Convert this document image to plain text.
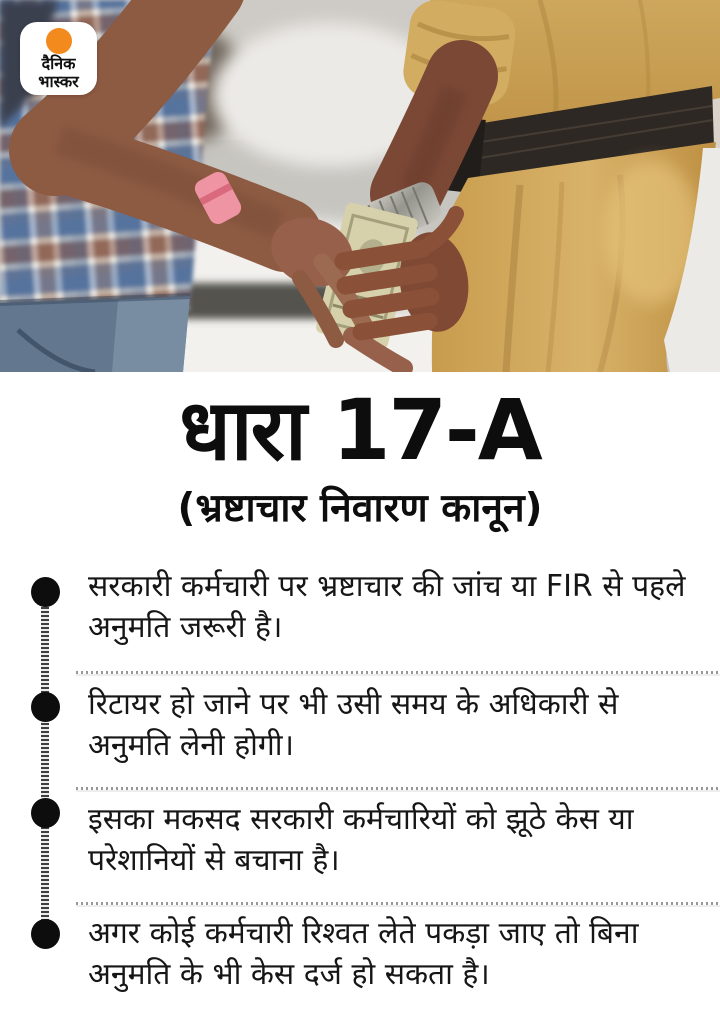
दैनिक
भास्कर
धारा 17-A
(भ्रष्टाचार निवारण कानून)

सरकारी कर्मचारी पर भ्रष्टाचार की जांच या FIR से पहले अनुमति जरूरी है।

रिटायर हो जाने पर भी उसी समय के अधिकारी से अनुमति लेनी होगी।

इसका मकसद सरकारी कर्मचारियों को झूठे केस या परेशानियों से बचाना है।

अगर कोई कर्मचारी रिश्वत लेते पकड़ा जाए तो बिना अनुमति के भी केस दर्ज हो सकता है।
